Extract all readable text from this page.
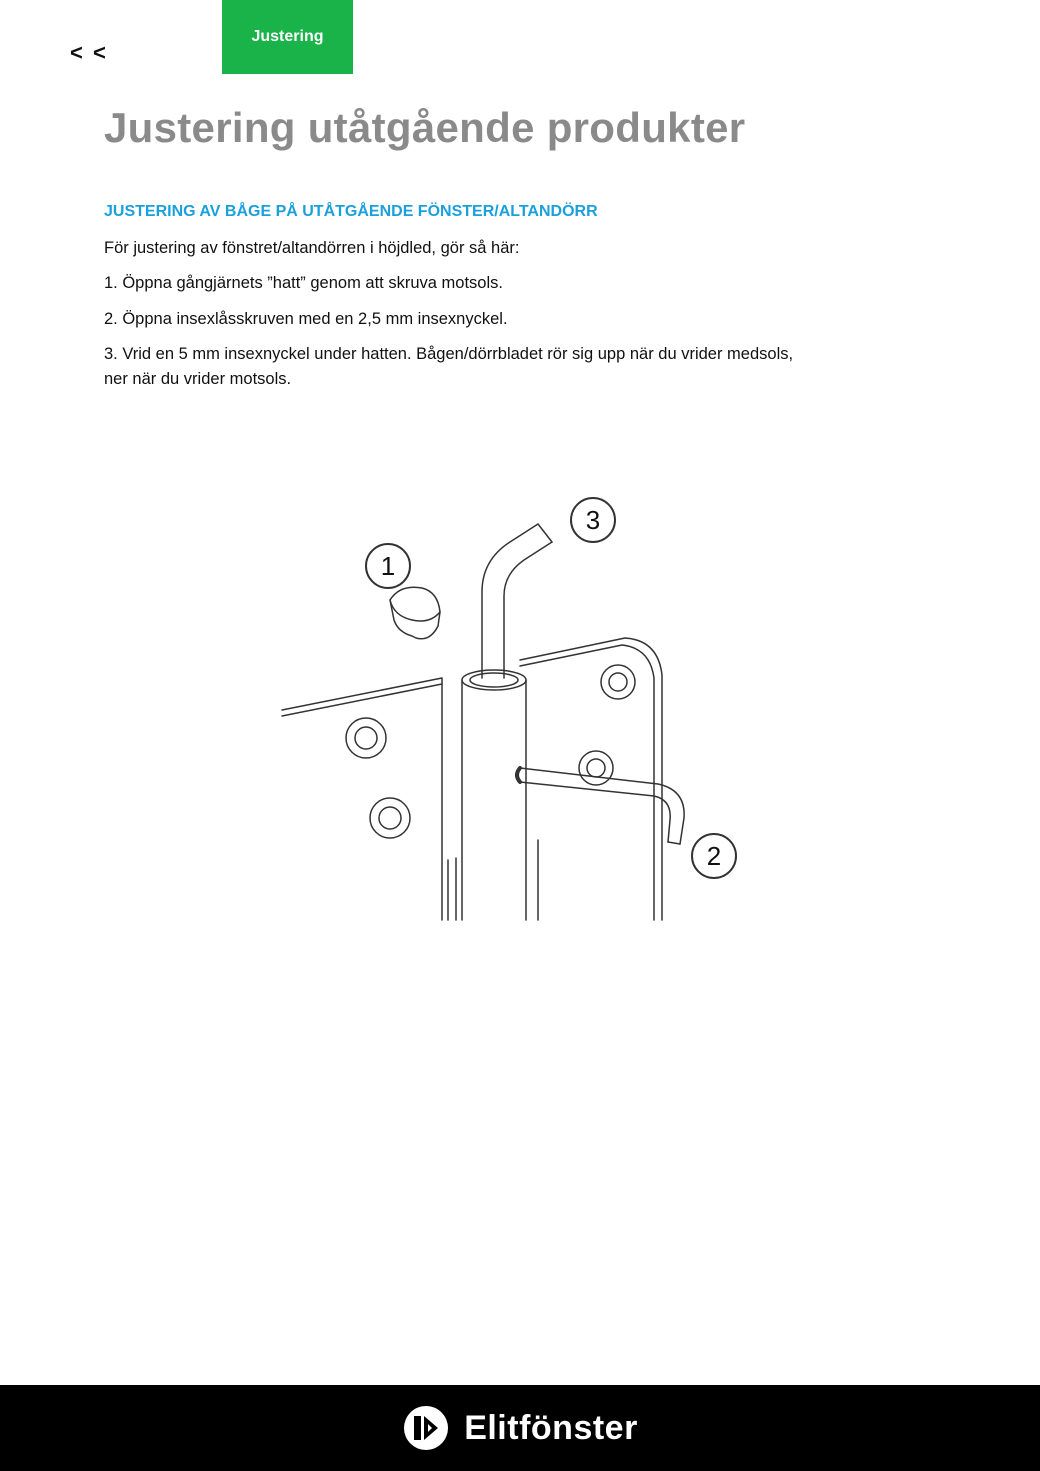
< <
Justering
Justering utåtgående produkter
JUSTERING AV BÅGE PÅ UTÅTGÅENDE FÖNSTER/ALTANDÖRR

För justering av fönstret/altandörren i höjdled, gör så här:

1. Öppna gångjärnets ”hatt” genom att skruva motsols.

2. Öppna insexlåsskruven med en 2,5 mm insexnyckel.

3. Vrid en 5 mm insexnyckel under hatten. Bågen/dörrbladet rör sig upp när du vrider medsols, ner när du vrider motsols.

1
3
2
Elitfönster
